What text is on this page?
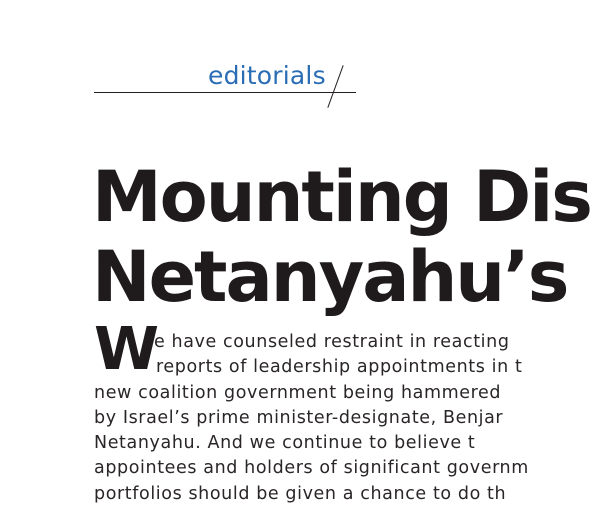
editorials
Mounting Dis
Netanyahu’s
W
e have counseled restraint in reacting
reports of leadership appointments in t
new coalition government being hammered
by Israel’s prime minister-designate, Benjar
Netanyahu. And we continue to believe t
appointees and holders of significant governm
portfolios should be given a chance to do th
